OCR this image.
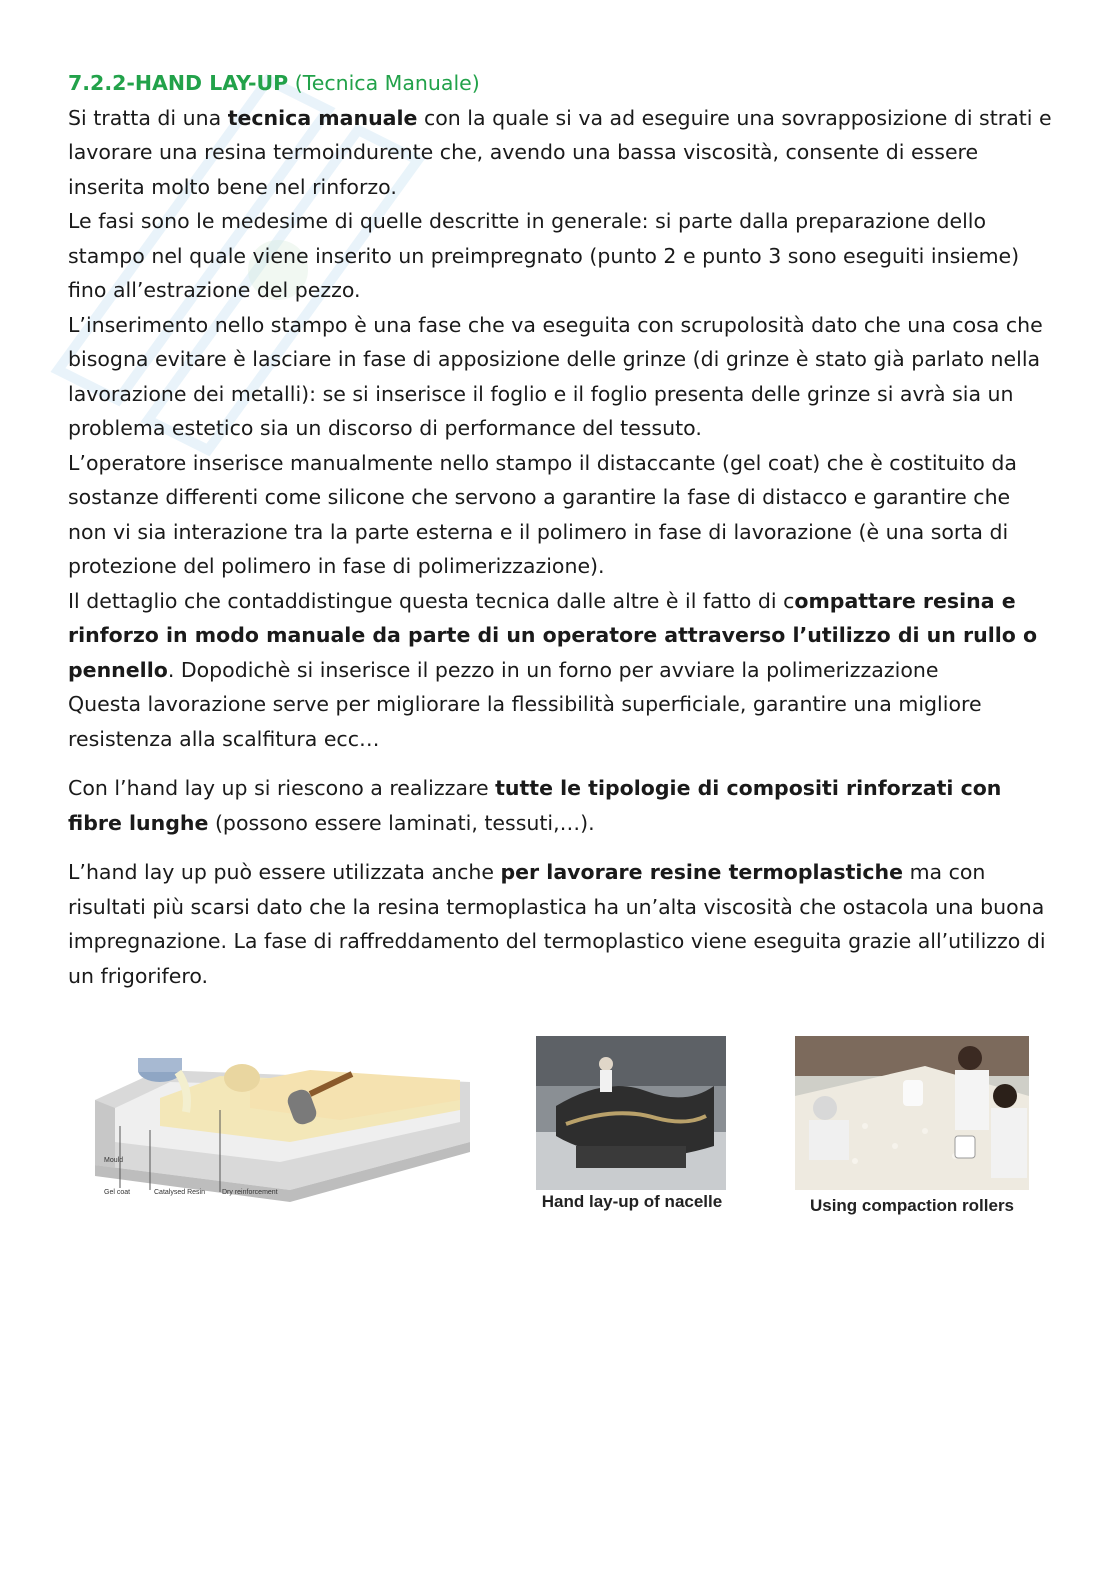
7.2.2-HAND LAY-UP (Tecnica Manuale)

Si tratta di una tecnica manuale con la quale si va ad eseguire una sovrapposizione di strati e lavorare una resina termoindurente che, avendo una bassa viscosità, consente di essere inserita molto bene nel rinforzo.

Le fasi sono le medesime di quelle descritte in generale: si parte dalla preparazione dello stampo nel quale viene inserito un preimpregnato (punto 2 e punto 3 sono eseguiti insieme) fino all’estrazione del pezzo.

L’inserimento nello stampo è una fase che va eseguita con scrupolosità dato che una cosa che bisogna evitare è lasciare in fase di apposizione delle grinze (di grinze è stato già parlato nella lavorazione dei metalli): se si inserisce il foglio e il foglio presenta delle grinze si avrà sia un problema estetico sia un discorso di performance del tessuto.

L’operatore inserisce manualmente nello stampo il distaccante (gel coat) che è costituito da sostanze differenti come silicone che servono a garantire la fase di distacco e garantire che non vi sia interazione tra la parte esterna e il polimero in fase di lavorazione (è una sorta di protezione del polimero in fase di polimerizzazione).

Il dettaglio che contaddistingue questa tecnica dalle altre è il fatto di compattare resina e rinforzo in modo manuale da parte di un operatore attraverso l’utilizzo di un rullo o pennello. Dopodichè si inserisce il pezzo in un forno per avviare la polimerizzazione

Questa lavorazione serve per migliorare la flessibilità superficiale, garantire una migliore resistenza alla scalfitura ecc…

Con l’hand lay up si riescono a realizzare tutte le tipologie di compositi rinforzati con fibre lunghe (possono essere laminati, tessuti,…).

L’hand lay up può essere utilizzata anche per lavorare resine termoplastiche ma con risultati più scarsi dato che la resina termoplastica ha un’alta viscosità che ostacola una buona impregnazione. La fase di raffreddamento del termoplastico viene eseguita grazie all’utilizzo di un frigorifero.

Mould
Gel coat	Catalysed Resin Dry reinforcement	Hand lay-up of nacelle	Using compaction rollers
